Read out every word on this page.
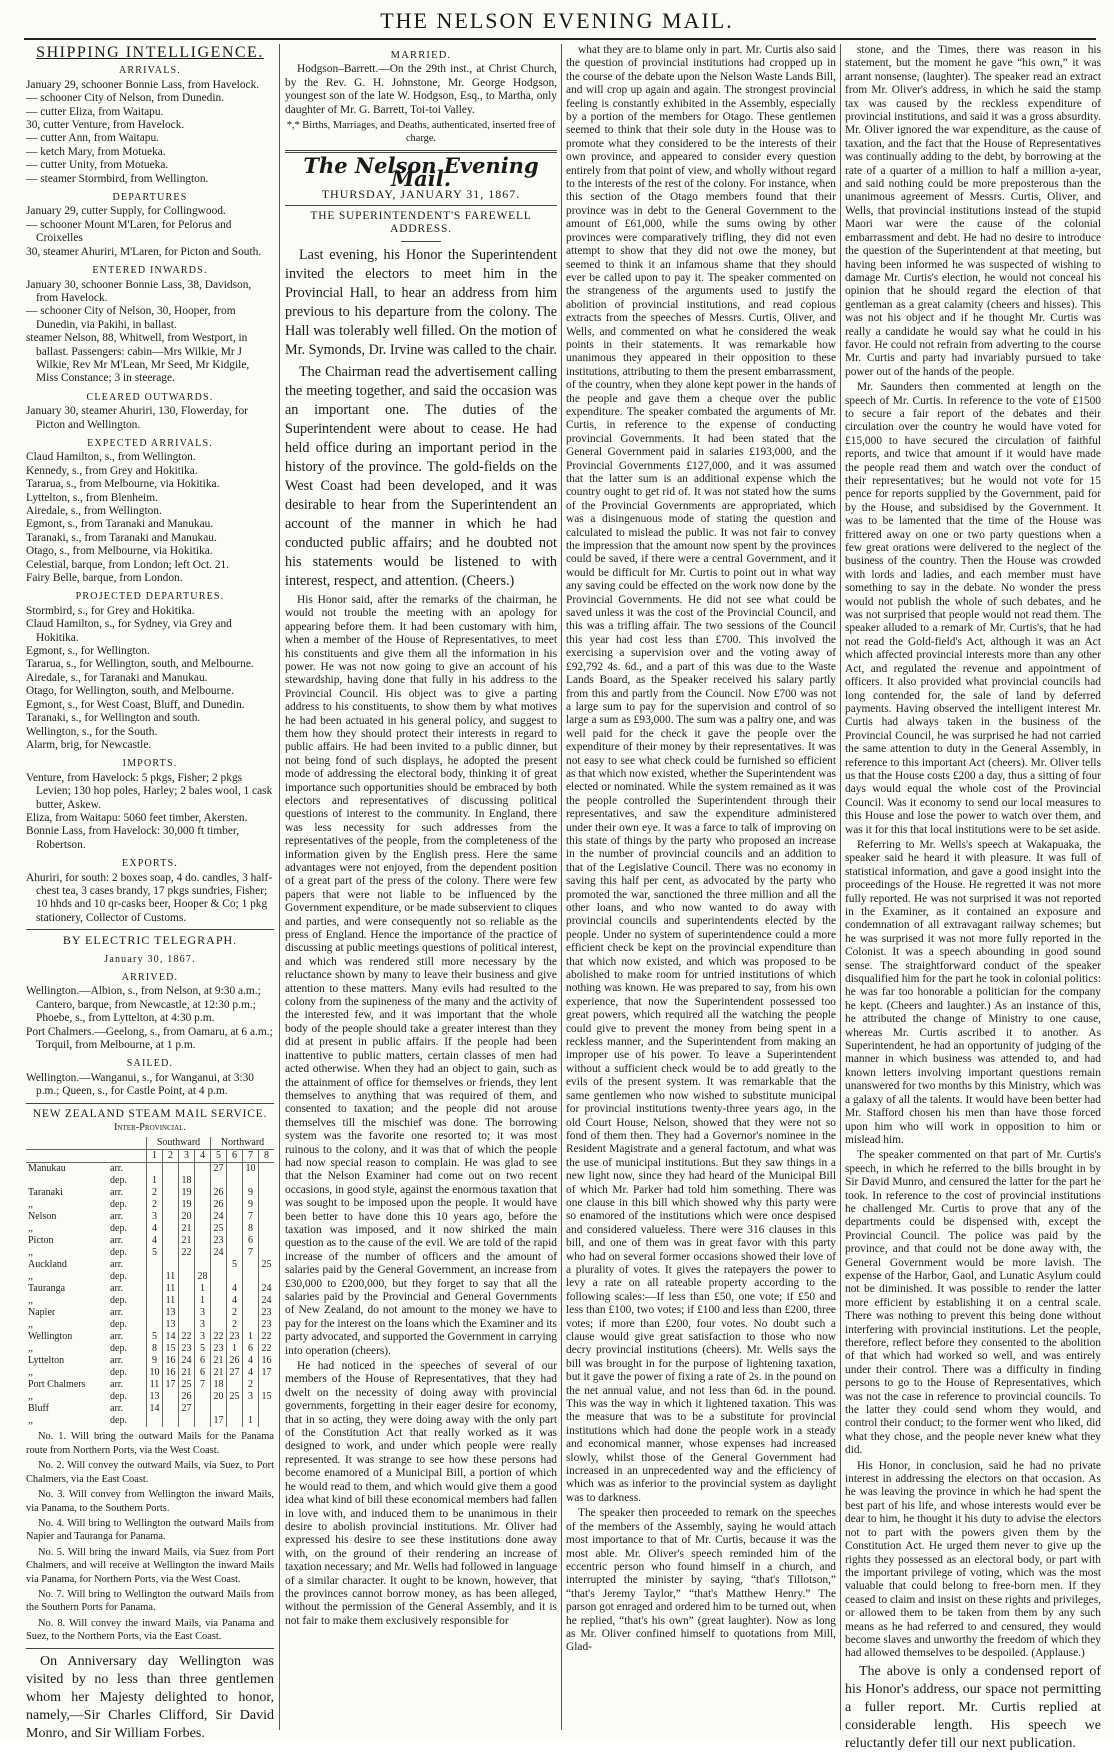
THE NELSON EVENING MAIL.
SHIPPING INTELLIGENCE.
ARRIVALS.
January 29, schooner Bonnie Lass, from Havelock.
— schooner City of Nelson, from Dunedin.
— cutter Eliza, from Waitapu.
30, cutter Venture, from Havelock.
— cutter Ann, from Waitapu.
— ketch Mary, from Motueka.
— cutter Unity, from Motueka.
— steamer Stormbird, from Wellington.
DEPARTURES
January 29, cutter Supply, for Collingwood.
— schooner Mount M'Laren, for Pelorus and Croixelles
30, steamer Ahuriri, M'Laren, for Picton and South.
ENTERED INWARDS.
January 30, schooner Bonnie Lass, 38, Davidson, from Havelock.
— schooner City of Nelson, 30, Hooper, from Dunedin, via Pakihi, in ballast.
steamer Nelson, 88, Whitwell, from Westport, in ballast. Passengers: cabin—Mrs Wilkie, Mr J Wilkie, Rev Mr M'Lean, Mr Seed, Mr Kidgile, Miss Constance; 3 in steerage.
CLEARED OUTWARDS.
January 30, steamer Ahuriri, 130, Flowerday, for Picton and Wellington.
EXPECTED ARRIVALS.
Claud Hamilton, s., from Wellington.
Kennedy, s., from Grey and Hokitika.
Tararua, s., from Melbourne, via Hokitika.
Lyttelton, s., from Blenheim.
Airedale, s., from Wellington.
Egmont, s., from Taranaki and Manukau.
Taranaki, s., from Taranaki and Manukau.
Otago, s., from Melbourne, via Hokitika.
Celestial, barque, from London; left Oct. 21.
Fairy Belle, barque, from London.
PROJECTED DEPARTURES.
Stormbird, s., for Grey and Hokitika.
Claud Hamilton, s., for Sydney, via Grey and Hokitika.
Egmont, s., for Wellington.
Tararua, s., for Wellington, south, and Melbourne.
Airedale, s., for Taranaki and Manukau.
Otago, for Wellington, south, and Melbourne.
Egmont, s., for West Coast, Bluff, and Dunedin.
Taranaki, s., for Wellington and south.
Wellington, s., for the South.
Alarm, brig, for Newcastle.
IMPORTS.
Venture, from Havelock: 5 pkgs, Fisher; 2 pkgs Levien; 130 hop poles, Harley; 2 bales wool, 1 cask butter, Askew.
Eliza, from Waitapu: 5060 feet timber, Akersten.
Bonnie Lass, from Havelock: 30,000 ft timber, Robertson.
EXPORTS.
Ahuriri, for south: 2 boxes soap, 4 do. candles, 3 half-chest tea, 3 cases brandy, 17 pkgs sundries, Fisher; 10 hhds and 10 qr-casks beer, Hooper & Co; 1 pkg stationery, Collector of Customs.
BY ELECTRIC TELEGRAPH.
January 30, 1867.
ARRIVED.
Wellington.—Albion, s., from Nelson, at 9:30 a.m.; Cantero, barque, from Newcastle, at 12:30 p.m.; Phoebe, s., from Lyttelton, at 4:30 p.m.
Port Chalmers.—Geelong, s., from Oamaru, at 6 a.m.; Torquil, from Melbourne, at 1 p.m.
SAILED.
Wellington.—Wanganui, s., for Wanganui, at 3:30 p.m.; Queen, s., for Castle Point, at 4 p.m.
NEW ZEALAND STEAM MAIL SERVICE.
Inter-Provincial.
		Southward				Northward			
		1	2	3	4	5	6	7	8
Manukau	arr.					27		10	
	dep.	1		18					
Taranaki	arr.	2		19		26		9	
,,	dep.	2		19		26		9	
Nelson	arr.	3		20		24		7	
,,	dep.	4		21		25		8	
Picton	arr.	4		21		23		6	
,,	dep.	5		22		24		7	
Auckland	arr.						5		25
,,	dep.		11		28				
Tauranga	arr.		11		1		4		24
,,	dep.		11		1		4		24
Napier	arr.		13		3		2		23
,,	dep.		13		3		2		23
Wellington	arr.	5	14	22	3	22	23	1	22
,,	dep.	8	15	23	5	23	1	6	22
Lyttelton	arr.	9	16	24	6	21	26	4	16
,,	dep.	10	16	21	6	21	27	4	17
Port Chalmers	arr.	11	17	25	7	18		2	
,,	dep.	13		26		20	25	3	15
Bluff	arr.	14		27					
,,	dep.					17		1	

No. 1. Will bring the outward Mails for the Panama route from Northern Ports, via the West Coast.

No. 2. Will convey the outward Mails, via Suez, to Port Chalmers, via the East Coast.

No. 3. Will convey from Wellington the inward Mails, via Panama, to the Southern Ports.

No. 4. Will bring to Wellington the outward Mails from Napier and Tauranga for Panama.

No. 5. Will bring the inward Mails, via Suez from Port Chalmers, and will receive at Wellington the inward Mails via Panama, for Northern Ports, via the West Coast.

No. 7. Will bring to Wellington the outward Mails from the Southern Ports for Panama.

No. 8. Will convey the inward Mails, via Panama and Suez, to the Northern Ports, via the East Coast.

On Anniversary day Wellington was visited by no less than three gentlemen whom her Majesty delighted to honor, namely,—Sir Charles Clifford, Sir David Monro, and Sir William Forbes.

MARRIED.

Hodgson–Barrett.—On the 29th inst., at Christ Church, by the Rev. G. H. Johnstone, Mr. George Hodgson, youngest son of the late W. Hodgson, Esq., to Martha, only daughter of Mr. G. Barrett, Toi-toi Valley.

*,* Births, Marriages, and Deaths, authenticated, inserted free of charge.

The Nelson Evening Mail.
THURSDAY, JANUARY 31, 1867.
THE SUPERINTENDENT'S FAREWELL ADDRESS.

Last evening, his Honor the Superintendent invited the electors to meet him in the Provincial Hall, to hear an address from him previous to his departure from the colony. The Hall was tolerably well filled. On the motion of Mr. Symonds, Dr. Irvine was called to the chair.

The Chairman read the advertisement calling the meeting together, and said the occasion was an important one. The duties of the Superintendent were about to cease. He had held office during an important period in the history of the province. The gold-fields on the West Coast had been developed, and it was desirable to hear from the Superintendent an account of the manner in which he had conducted public affairs; and he doubted not his statements would be listened to with interest, respect, and attention. (Cheers.)

His Honor said, after the remarks of the chairman, he would not trouble the meeting with an apology for appearing before them. It had been customary with him, when a member of the House of Representatives, to meet his constituents and give them all the information in his power. He was not now going to give an account of his stewardship, having done that fully in his address to the Provincial Council. His object was to give a parting address to his constituents, to show them by what motives he had been actuated in his general policy, and suggest to them how they should protect their interests in regard to public affairs. He had been invited to a public dinner, but not being fond of such displays, he adopted the present mode of addressing the electoral body, thinking it of great importance such opportunities should be embraced by both electors and representatives of discussing political questions of interest to the community. In England, there was less necessity for such addresses from the representatives of the people, from the completeness of the information given by the English press. Here the same advantages were not enjoyed, from the dependent position of a great part of the press of the colony. There were few papers that were not liable to be influenced by the Government expenditure, or be made subservient to cliques and parties, and were consequently not so reliable as the press of England. Hence the importance of the practice of discussing at public meetings questions of political interest, and which was rendered still more necessary by the reluctance shown by many to leave their business and give attention to these matters. Many evils had resulted to the colony from the supineness of the many and the activity of the interested few, and it was important that the whole body of the people should take a greater interest than they did at present in public affairs. If the people had been inattentive to public matters, certain classes of men had acted otherwise. When they had an object to gain, such as the attainment of office for themselves or friends, they lent themselves to anything that was required of them, and consented to taxation; and the people did not arouse themselves till the mischief was done. The borrowing system was the favorite one resorted to; it was most ruinous to the colony, and it was that of which the people had now special reason to complain. He was glad to see that the Nelson Examiner had come out on two recent occasions, in good style, against the enormous taxation that was sought to be imposed upon the people. It would have been better to have done this 10 years ago, before the taxation was imposed, and it now shirked the main question as to the cause of the evil. We are told of the rapid increase of the number of officers and the amount of salaries paid by the General Government, an increase from £30,000 to £200,000, but they forget to say that all the salaries paid by the Provincial and General Governments of New Zealand, do not amount to the money we have to pay for the interest on the loans which the Examiner and its party advocated, and supported the Government in carrying into operation (cheers).

He had noticed in the speeches of several of our members of the House of Representatives, that they had dwelt on the necessity of doing away with provincial governments, forgetting in their eager desire for economy, that in so acting, they were doing away with the only part of the Constitution Act that really worked as it was designed to work, and under which people were really represented. It was strange to see how these persons had become enamored of a Municipal Bill, a portion of which he would read to them, and which would give them a good idea what kind of bill these economical members had fallen in love with, and induced them to be unanimous in their desire to abolish provincial institutions. Mr. Oliver had expressed his desire to see these institutions done away with, on the ground of their rendering an increase of taxation necessary; and Mr. Wells had followed in language of a similar character. It ought to be known, however, that the provinces cannot borrow money, as has been alleged, without the permission of the General Assembly, and it is not fair to make them exclusively responsible for

what they are to blame only in part. Mr. Curtis also said the question of provincial institutions had cropped up in the course of the debate upon the Nelson Waste Lands Bill, and will crop up again and again. The strongest provincial feeling is constantly exhibited in the Assembly, especially by a portion of the members for Otago. These gentlemen seemed to think that their sole duty in the House was to promote what they considered to be the interests of their own province, and appeared to consider every question entirely from that point of view, and wholly without regard to the interests of the rest of the colony. For instance, when this section of the Otago members found that their province was in debt to the General Government to the amount of £61,000, while the sums owing by other provinces were comparatively trifling, they did not even attempt to show that they did not owe the money, but seemed to think it an infamous shame that they should ever be called upon to pay it. The speaker commented on the strangeness of the arguments used to justify the abolition of provincial institutions, and read copious extracts from the speeches of Messrs. Curtis, Oliver, and Wells, and commented on what he considered the weak points in their statements. It was remarkable how unanimous they appeared in their opposition to these institutions, attributing to them the present embarrassment, of the country, when they alone kept power in the hands of the people and gave them a cheque over the public expenditure. The speaker combated the arguments of Mr. Curtis, in reference to the expense of conducting provincial Governments. It had been stated that the General Government paid in salaries £193,000, and the Provincial Governments £127,000, and it was assumed that the latter sum is an additional expense which the country ought to get rid of. It was not stated how the sums of the Provincial Governments are appropriated, which was a disingenuous mode of stating the question and calculated to mislead the public. It was not fair to convey the impression that the amount now spent by the provinces could be saved, if there were a central Government, and it would be difficult for Mr. Curtis to point out in what way any saving could be effected on the work now done by the Provincial Governments. He did not see what could be saved unless it was the cost of the Provincial Council, and this was a trifling affair. The two sessions of the Council this year had cost less than £700. This involved the exercising a supervision over and the voting away of £92,792 4s. 6d., and a part of this was due to the Waste Lands Board, as the Speaker received his salary partly from this and partly from the Council. Now £700 was not a large sum to pay for the supervision and control of so large a sum as £93,000. The sum was a paltry one, and was well paid for the check it gave the people over the expenditure of their money by their representatives. It was not easy to see what check could be furnished so efficient as that which now existed, whether the Superintendent was elected or nominated. While the system remained as it was the people controlled the Superintendent through their representatives, and saw the expenditure administered under their own eye. It was a farce to talk of improving on this state of things by the party who proposed an increase in the number of provincial councils and an addition to that of the Legislative Council. There was no economy in saving this half per cent, as advocated by the party who promoted the war, sanctioned the three million and all the other loans, and who now wanted to do away with provincial councils and superintendents elected by the people. Under no system of superintendence could a more efficient check be kept on the provincial expenditure than that which now existed, and which was proposed to be abolished to make room for untried institutions of which nothing was known. He was prepared to say, from his own experience, that now the Superintendent possessed too great powers, which required all the watching the people could give to prevent the money from being spent in a reckless manner, and the Superintendent from making an improper use of his power. To leave a Superintendent without a sufficient check would be to add greatly to the evils of the present system. It was remarkable that the same gentlemen who now wished to substitute municipal for provincial institutions twenty-three years ago, in the old Court House, Nelson, showed that they were not so fond of them then. They had a Governor's nominee in the Resident Magistrate and a general factotum, and what was the use of municipal institutions. But they saw things in a new light now, since they had heard of the Municipal Bill of which Mr. Parker had told him something. There was one clause in this bill which showed why this party were so enamored of the institutions which were once despised and considered valueless. There were 316 clauses in this bill, and one of them was in great favor with this party who had on several former occasions showed their love of a plurality of votes. It gives the ratepayers the power to levy a rate on all rateable property according to the following scales:—If less than £50, one vote; if £50 and less than £100, two votes; if £100 and less than £200, three votes; if more than £200, four votes. No doubt such a clause would give great satisfaction to those who now decry provincial institutions (cheers). Mr. Wells says the bill was brought in for the purpose of lightening taxation, but it gave the power of fixing a rate of 2s. in the pound on the net annual value, and not less than 6d. in the pound. This was the way in which it lightened taxation. This was the measure that was to be a substitute for provincial institutions which had done the people work in a steady and economical manner, whose expenses had increased slowly, whilst those of the General Government had increased in an unprecedented way and the efficiency of which was as inferior to the provincial system as daylight was to darkness.

The speaker then proceeded to remark on the speeches of the members of the Assembly, saying he would attach most importance to that of Mr. Curtis, because it was the most able. Mr. Oliver's speech reminded him of the eccentric person who found himself in a church, and interrupted the minister by saying, “that's Tillotson,” “that's Jeremy Taylor,” “that's Matthew Henry.” The parson got enraged and ordered him to be turned out, when he replied, “that's his own” (great laughter). Now as long as Mr. Oliver confined himself to quotations from Mill, Glad-

stone, and the Times, there was reason in his statement, but the moment he gave “his own,” it was arrant nonsense, (laughter). The speaker read an extract from Mr. Oliver's address, in which he said the stamp tax was caused by the reckless expenditure of provincial institutions, and said it was a gross absurdity. Mr. Oliver ignored the war expenditure, as the cause of taxation, and the fact that the House of Representatives was continually adding to the debt, by borrowing at the rate of a quarter of a million to half a million a-year, and said nothing could be more preposterous than the unanimous agreement of Messrs. Curtis, Oliver, and Wells, that provincial institutions instead of the stupid Maori war were the cause of the colonial embarrassment and debt. He had no desire to introduce the question of the Superintendent at that meeting, but having been informed he was suspected of wishing to damage Mr. Curtis's election, he would not conceal his opinion that he should regard the election of that gentleman as a great calamity (cheers and hisses). This was not his object and if he thought Mr. Curtis was really a candidate he would say what he could in his favor. He could not refrain from adverting to the course Mr. Curtis and party had invariably pursued to take power out of the hands of the people.

Mr. Saunders then commented at length on the speech of Mr. Curtis. In reference to the vote of £1500 to secure a fair report of the debates and their circulation over the country he would have voted for £15,000 to have secured the circulation of faithful reports, and twice that amount if it would have made the people read them and watch over the conduct of their representatives; but he would not vote for 15 pence for reports supplied by the Government, paid for by the House, and subsidised by the Government. It was to be lamented that the time of the House was frittered away on one or two party questions when a few great orations were delivered to the neglect of the business of the country. Then the House was crowded with lords and ladies, and each member must have something to say in the debate. No wonder the press would not publish the whole of such debates, and he was not surprised that people would not read them. The speaker alluded to a remark of Mr. Curtis's, that he had not read the Gold-field's Act, although it was an Act which affected provincial interests more than any other Act, and regulated the revenue and appointment of officers. It also provided what provincial councils had long contended for, the sale of land by deferred payments. Having observed the intelligent interest Mr. Curtis had always taken in the business of the Provincial Council, he was surprised he had not carried the same attention to duty in the General Assembly, in reference to this important Act (cheers). Mr. Oliver tells us that the House costs £200 a day, thus a sitting of four days would equal the whole cost of the Provincial Council. Was it economy to send our local measures to this House and lose the power to watch over them, and was it for this that local institutions were to be set aside.

Referring to Mr. Wells's speech at Wakapuaka, the speaker said he heard it with pleasure. It was full of statistical information, and gave a good insight into the proceedings of the House. He regretted it was not more fully reported. He was not surprised it was not reported in the Examiner, as it contained an exposure and condemnation of all extravagant railway schemes; but he was surprised it was not more fully reported in the Colonist. It was a speech abounding in good sound sense. The straightforward conduct of the speaker disqualified him for the part he took in colonial politics: he was far too honorable a politician for the company he kept. (Cheers and laughter.) As an instance of this, he attributed the change of Ministry to one cause, whereas Mr. Curtis ascribed it to another. As Superintendent, he had an opportunity of judging of the manner in which business was attended to, and had known letters involving important questions remain unanswered for two months by this Ministry, which was a galaxy of all the talents. It would have been better had Mr. Stafford chosen his men than have those forced upon him who will work in opposition to him or mislead him.

The speaker commented on that part of Mr. Curtis's speech, in which he referred to the bills brought in by Sir David Munro, and censured the latter for the part he took. In reference to the cost of provincial institutions he challenged Mr. Curtis to prove that any of the departments could be dispensed with, except the Provincial Council. The police was paid by the province, and that could not be done away with, the General Government would be more lavish. The expense of the Harbor, Gaol, and Lunatic Asylum could not be diminished. It was possible to render the latter more efficient by establishing it on a central scale. There was nothing to prevent this being done without interfering with provincial institutions. Let the people, therefore, reflect before they consented to the abolition of that which had worked so well, and was entirely under their control. There was a difficulty in finding persons to go to the House of Representatives, which was not the case in reference to provincial councils. To the latter they could send whom they would, and control their conduct; to the former went who liked, did what they chose, and the people never knew what they did.

His Honor, in conclusion, said he had no private interest in addressing the electors on that occasion. As he was leaving the province in which he had spent the best part of his life, and whose interests would ever be dear to him, he thought it his duty to advise the electors not to part with the powers given them by the Constitution Act. He urged them never to give up the rights they possessed as an electoral body, or part with the important privilege of voting, which was the most valuable that could belong to free-born men. If they ceased to claim and insist on these rights and privileges, or allowed them to be taken from them by any such means as he had referred to and censured, they would become slaves and unworthy the freedom of which they had allowed themselves to be despoiled. (Applause.)

The above is only a condensed report of his Honor's address, our space not permitting a fuller report. Mr. Curtis replied at considerable length. His speech we reluctantly defer till our next publication.
